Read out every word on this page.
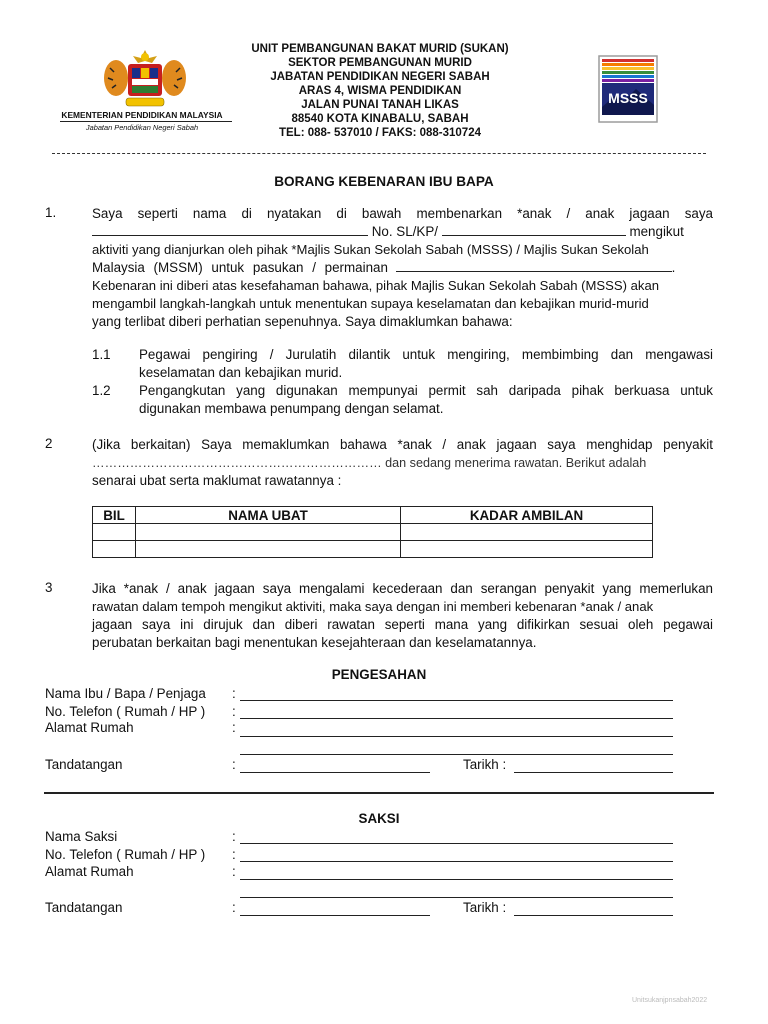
KEMENTERIAN PENDIDIKAN MALAYSIA
Jabatan Pendidikan Negeri Sabah
MSSS
UNIT PEMBANGUNAN BAKAT MURID (SUKAN)
SEKTOR PEMBANGUNAN MURID
JABATAN PENDIDIKAN NEGERI SABAH
ARAS 4, WISMA PENDIDIKAN
JALAN PUNAI TANAH LIKAS
88540 KOTA KINABALU, SABAH
TEL: 088- 537010 / FAKS: 088-310724
BORANG KEBENARAN IBU BAPA
1.	Saya seperti nama di nyatakan di bawah membenarkan *anak / anak jagaan saya
No. SL/KP/	mengikut
aktiviti yang dianjurkan oleh pihak *Majlis Sukan Sekolah Sabah (MSSS) / Majlis Sukan Sekolah
Malaysia (MSSM) untuk pasukan / permainan	.
Kebenaran ini diberi atas kesefahaman bahawa, pihak Majlis Sukan Sekolah Sabah (MSSS) akan
mengambil langkah-langkah untuk menentukan supaya keselamatan dan kebajikan murid-murid
yang terlibat diberi perhatian sepenuhnya. Saya dimaklumkan bahawa:
1.1 Pegawai pengiring / Jurulatih dilantik untuk mengiring, membimbing dan mengawasi
keselamatan dan kebajikan murid.
1.2 Pengangkutan yang digunakan mempunyai permit sah daripada pihak berkuasa untuk
digunakan membawa penumpang dengan selamat.
2	(Jika berkaitan) Saya memaklumkan bahawa *anak / anak jagaan saya menghidap penyakit
…………………………………………………………… dan sedang menerima rawatan. Berikut adalah
senarai ubat serta maklumat rawatannya :
BIL	NAMA UBAT	KADAR AMBILAN

3	Jika *anak / anak jagaan saya mengalami kecederaan dan serangan penyakit yang memerlukan
rawatan dalam tempoh mengikut aktiviti, maka saya dengan ini memberi kebenaran *anak / anak
jagaan saya ini dirujuk dan diberi rawatan seperti mana yang difikirkan sesuai oleh pegawai
perubatan berkaitan bagi menentukan kesejahteraan dan keselamatannya.
PENGESAHAN
Nama Ibu / Bapa / Penjaga :
No. Telefon ( Rumah / HP ) :
Alamat Rumah	:
Tandatangan	:	Tarikh :
SAKSI
Nama Saksi	:
No. Telefon ( Rumah / HP ) :
Alamat Rumah	:
Tandatangan	:	Tarikh :
Unitsukanjpnsabah2022
